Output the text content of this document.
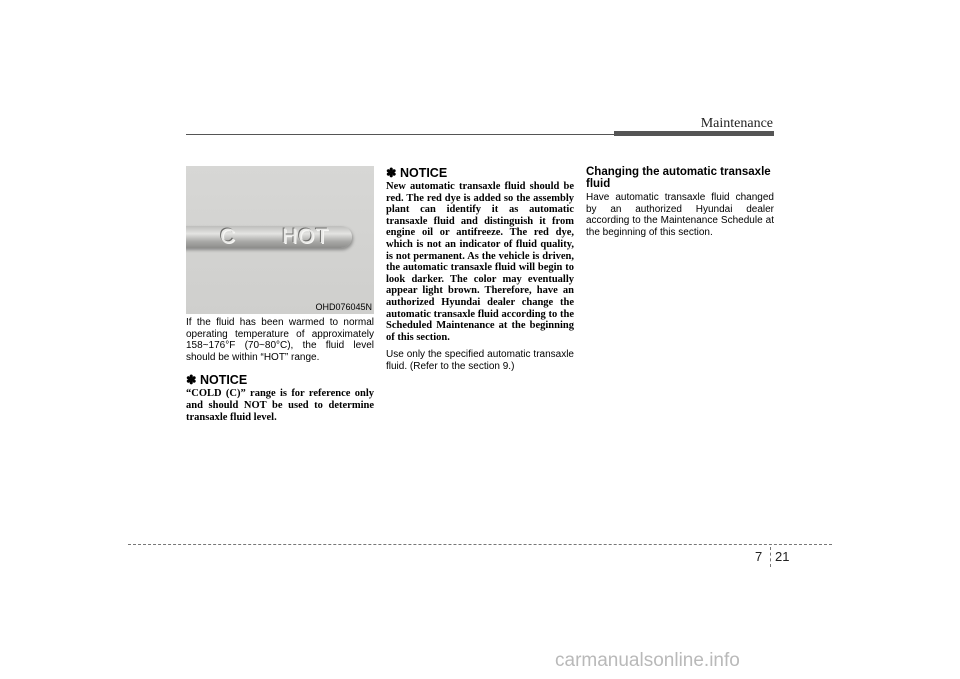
Maintenance
C HOT
OHD076045N

If the fluid has been warmed to normal operating temperature of approximately 158~176°F (70~80°C), the fluid level should be within “HOT” range.

✽ NOTICE

“COLD (C)” range is for reference only and should NOT be used to determine transaxle fluid level.

✽ NOTICE

New automatic transaxle fluid should be red. The red dye is added so the assembly plant can identify it as automatic transaxle fluid and distinguish it from engine oil or antifreeze. The red dye, which is not an indicator of fluid quality, is not permanent. As the vehicle is driven, the automatic transaxle fluid will begin to look darker. The color may eventually appear light brown. Therefore, have an authorized Hyundai dealer change the automatic transaxle fluid according to the Scheduled Maintenance at the beginning of this section.

Use only the specified automatic transaxle fluid. (Refer to the section 9.)

Changing the automatic transaxle fluid

Have automatic transaxle fluid changed by an authorized Hyundai dealer according to the Maintenance Schedule at the beginning of this section.

7 21
carmanualsonline.info
